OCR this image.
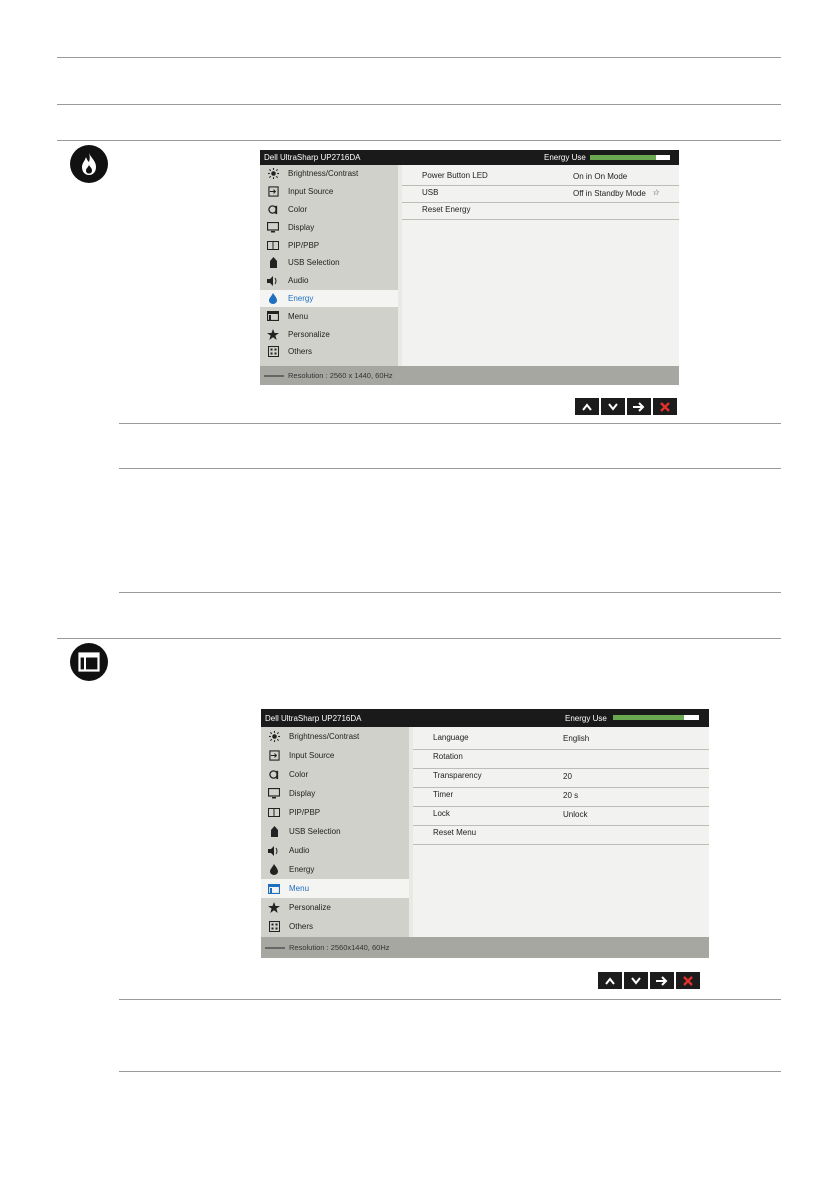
Dell UltraSharp UP2716DA	Energy Use
Brightness/Contrast
Input Source
Color
Display
PIP/PBP
USB Selection
Audio
Energy
Menu
Personalize
Others
Power Button LED	On in On Mode
USB	Off in Standby Mode ☆
Reset Energy
Resolution : 2560 x 1440, 60Hz
Dell UltraSharp UP2716DA	Energy Use
Brightness/Contrast
Input Source
Color
Display
PIP/PBP
USB Selection
Audio
Energy
Menu
Personalize
Others
Language	English
Rotation
Transparency	20
Timer	20 s
Lock	Unlock
Reset Menu
Resolution : 2560x1440, 60Hz
